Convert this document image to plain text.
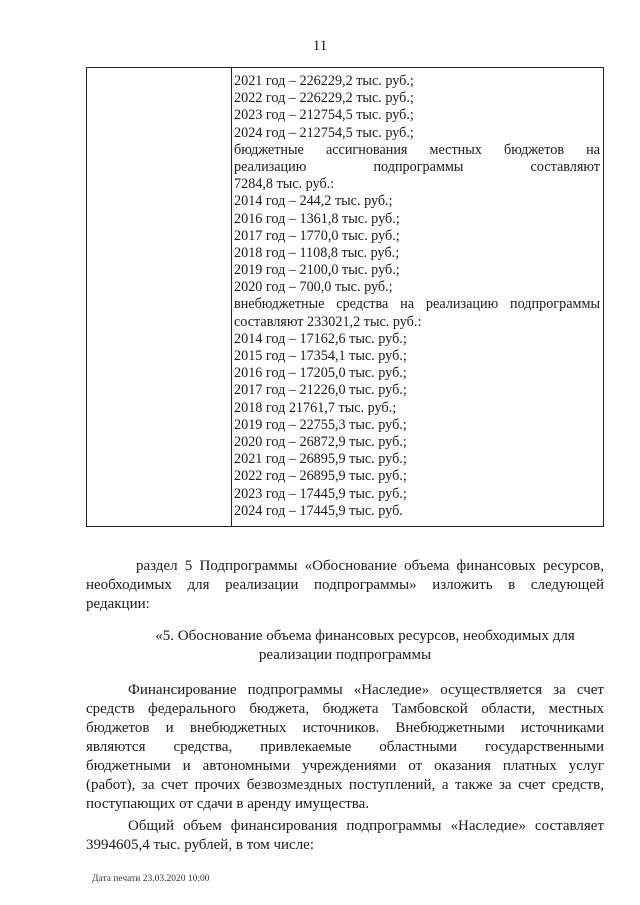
11
2021 год – 226229,2 тыс. руб.;
2022 год – 226229,2 тыс. руб.;
2023 год – 212754,5 тыс. руб.;
2024 год – 212754,5 тыс. руб.;
бюджетные ассигнования местных бюджетов на
реализацию подпрограммы составляют
7284,8 тыс. руб.:
2014 год – 244,2 тыс. руб.;
2016 год – 1361,8 тыс. руб.;
2017 год – 1770,0 тыс. руб.;
2018 год – 1108,8 тыс. руб.;
2019 год – 2100,0 тыс. руб.;
2020 год – 700,0 тыс. руб.;
внебюджетные средства на реализацию подпрограммы
составляют 233021,2 тыс. руб.:
2014 год – 17162,6 тыс. руб.;
2015 год – 17354,1 тыс. руб.;
2016 год – 17205,0 тыс. руб.;
2017 год – 21226,0 тыс. руб.;
2018 год 21761,7 тыс. руб.;
2019 год – 22755,3 тыс. руб.;
2020 год – 26872,9 тыс. руб.;
2021 год – 26895,9 тыс. руб.;
2022 год – 26895,9 тыс. руб.;
2023 год – 17445,9 тыс. руб.;
2024 год – 17445,9 тыс. руб.
раздел 5 Подпрограммы «Обоснование объема финансовых ресурсов,
необходимых для реализации подпрограммы» изложить в следующей
редакции:
«5. Обоснование объема финансовых ресурсов, необходимых для
реализации подпрограммы
Финансирование подпрограммы «Наследие» осуществляется за счет
средств федерального бюджета, бюджета Тамбовской области, местных
бюджетов и внебюджетных источников. Внебюджетными источниками
являются средства, привлекаемые областными государственными
бюджетными и автономными учреждениями от оказания платных услуг
(работ), за счет прочих безвозмездных поступлений, а также за счет средств,
поступающих от сдачи в аренду имущества.
Общий объем финансирования подпрограммы «Наследие» составляет
3994605,4 тыс. рублей, в том числе:
Дата печати 23.03.2020 10:00
